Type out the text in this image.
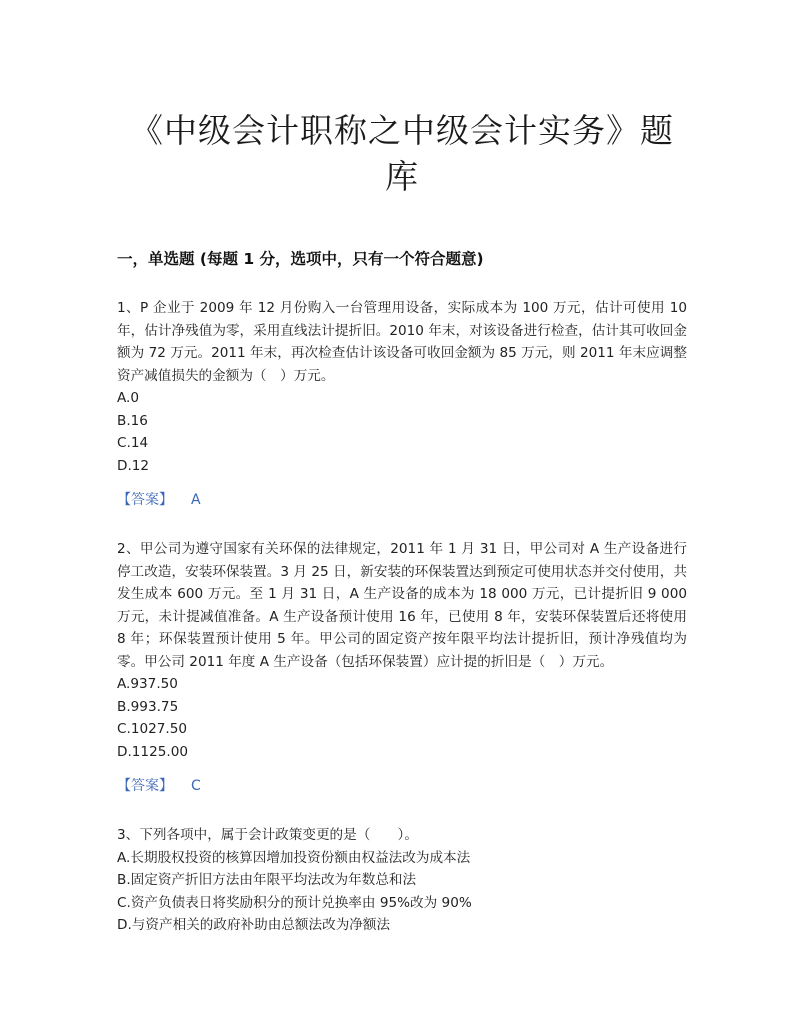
《中级会计职称之中级会计实务》题库
一，单选题 (每题 1 分，选项中，只有一个符合题意)
1、P 企业于 2009 年 12 月份购入一台管理用设备，实际成本为 100 万元，估计可使用 10 年，估计净残值为零，采用直线法计提折旧。2010 年末，对该设备进行检查，估计其可收回金额为 72 万元。2011 年末，再次检查估计该设备可收回金额为 85 万元，则 2011 年末应调整资产减值损失的金额为（　）万元。
A.0
B.16
C.14
D.12
【答案】 A
2、甲公司为遵守国家有关环保的法律规定，2011 年 1 月 31 日，甲公司对 A 生产设备进行停工改造，安装环保装置。3 月 25 日，新安装的环保装置达到预定可使用状态并交付使用，共发生成本 600 万元。至 1 月 31 日，A 生产设备的成本为 18 000 万元，已计提折旧 9 000 万元，未计提减值准备。A 生产设备预计使用 16 年，已使用 8 年，安装环保装置后还将使用 8 年；环保装置预计使用 5 年。甲公司的固定资产按年限平均法计提折旧，预计净残值均为零。甲公司 2011 年度 A 生产设备（包括环保装置）应计提的折旧是（　）万元。
A.937.50
B.993.75
C.1027.50
D.1125.00
【答案】 C
3、下列各项中，属于会计政策变更的是（　　）。
A.长期股权投资的核算因增加投资份额由权益法改为成本法
B.固定资产折旧方法由年限平均法改为年数总和法
C.资产负债表日将奖励积分的预计兑换率由 95%改为 90%
D.与资产相关的政府补助由总额法改为净额法
